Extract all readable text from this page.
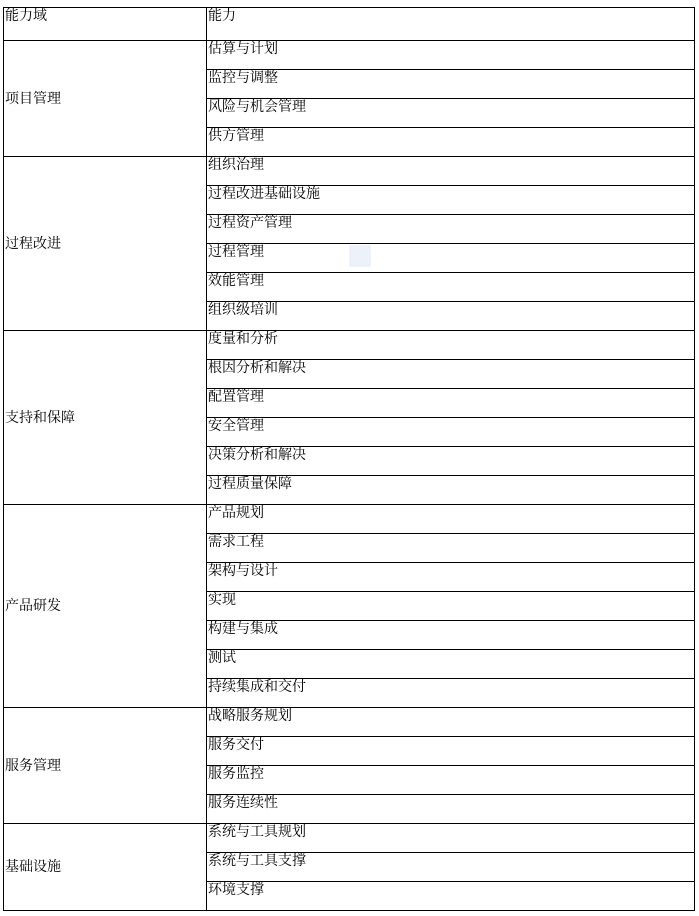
能力域	能力
项目管理	估算与计划
	监控与调整
	风险与机会管理
	供方管理
过程改进	组织治理
	过程改进基础设施
	过程资产管理
	过程管理
	效能管理
	组织级培训
支持和保障	度量和分析
	根因分析和解决
	配置管理
	安全管理
	决策分析和解决
	过程质量保障
产品研发	产品规划
	需求工程
	架构与设计
	实现
	构建与集成
	测试
	持续集成和交付
服务管理	战略服务规划
	服务交付
	服务监控
	服务连续性
基础设施	系统与工具规划
	系统与工具支撑
	环境支撑
